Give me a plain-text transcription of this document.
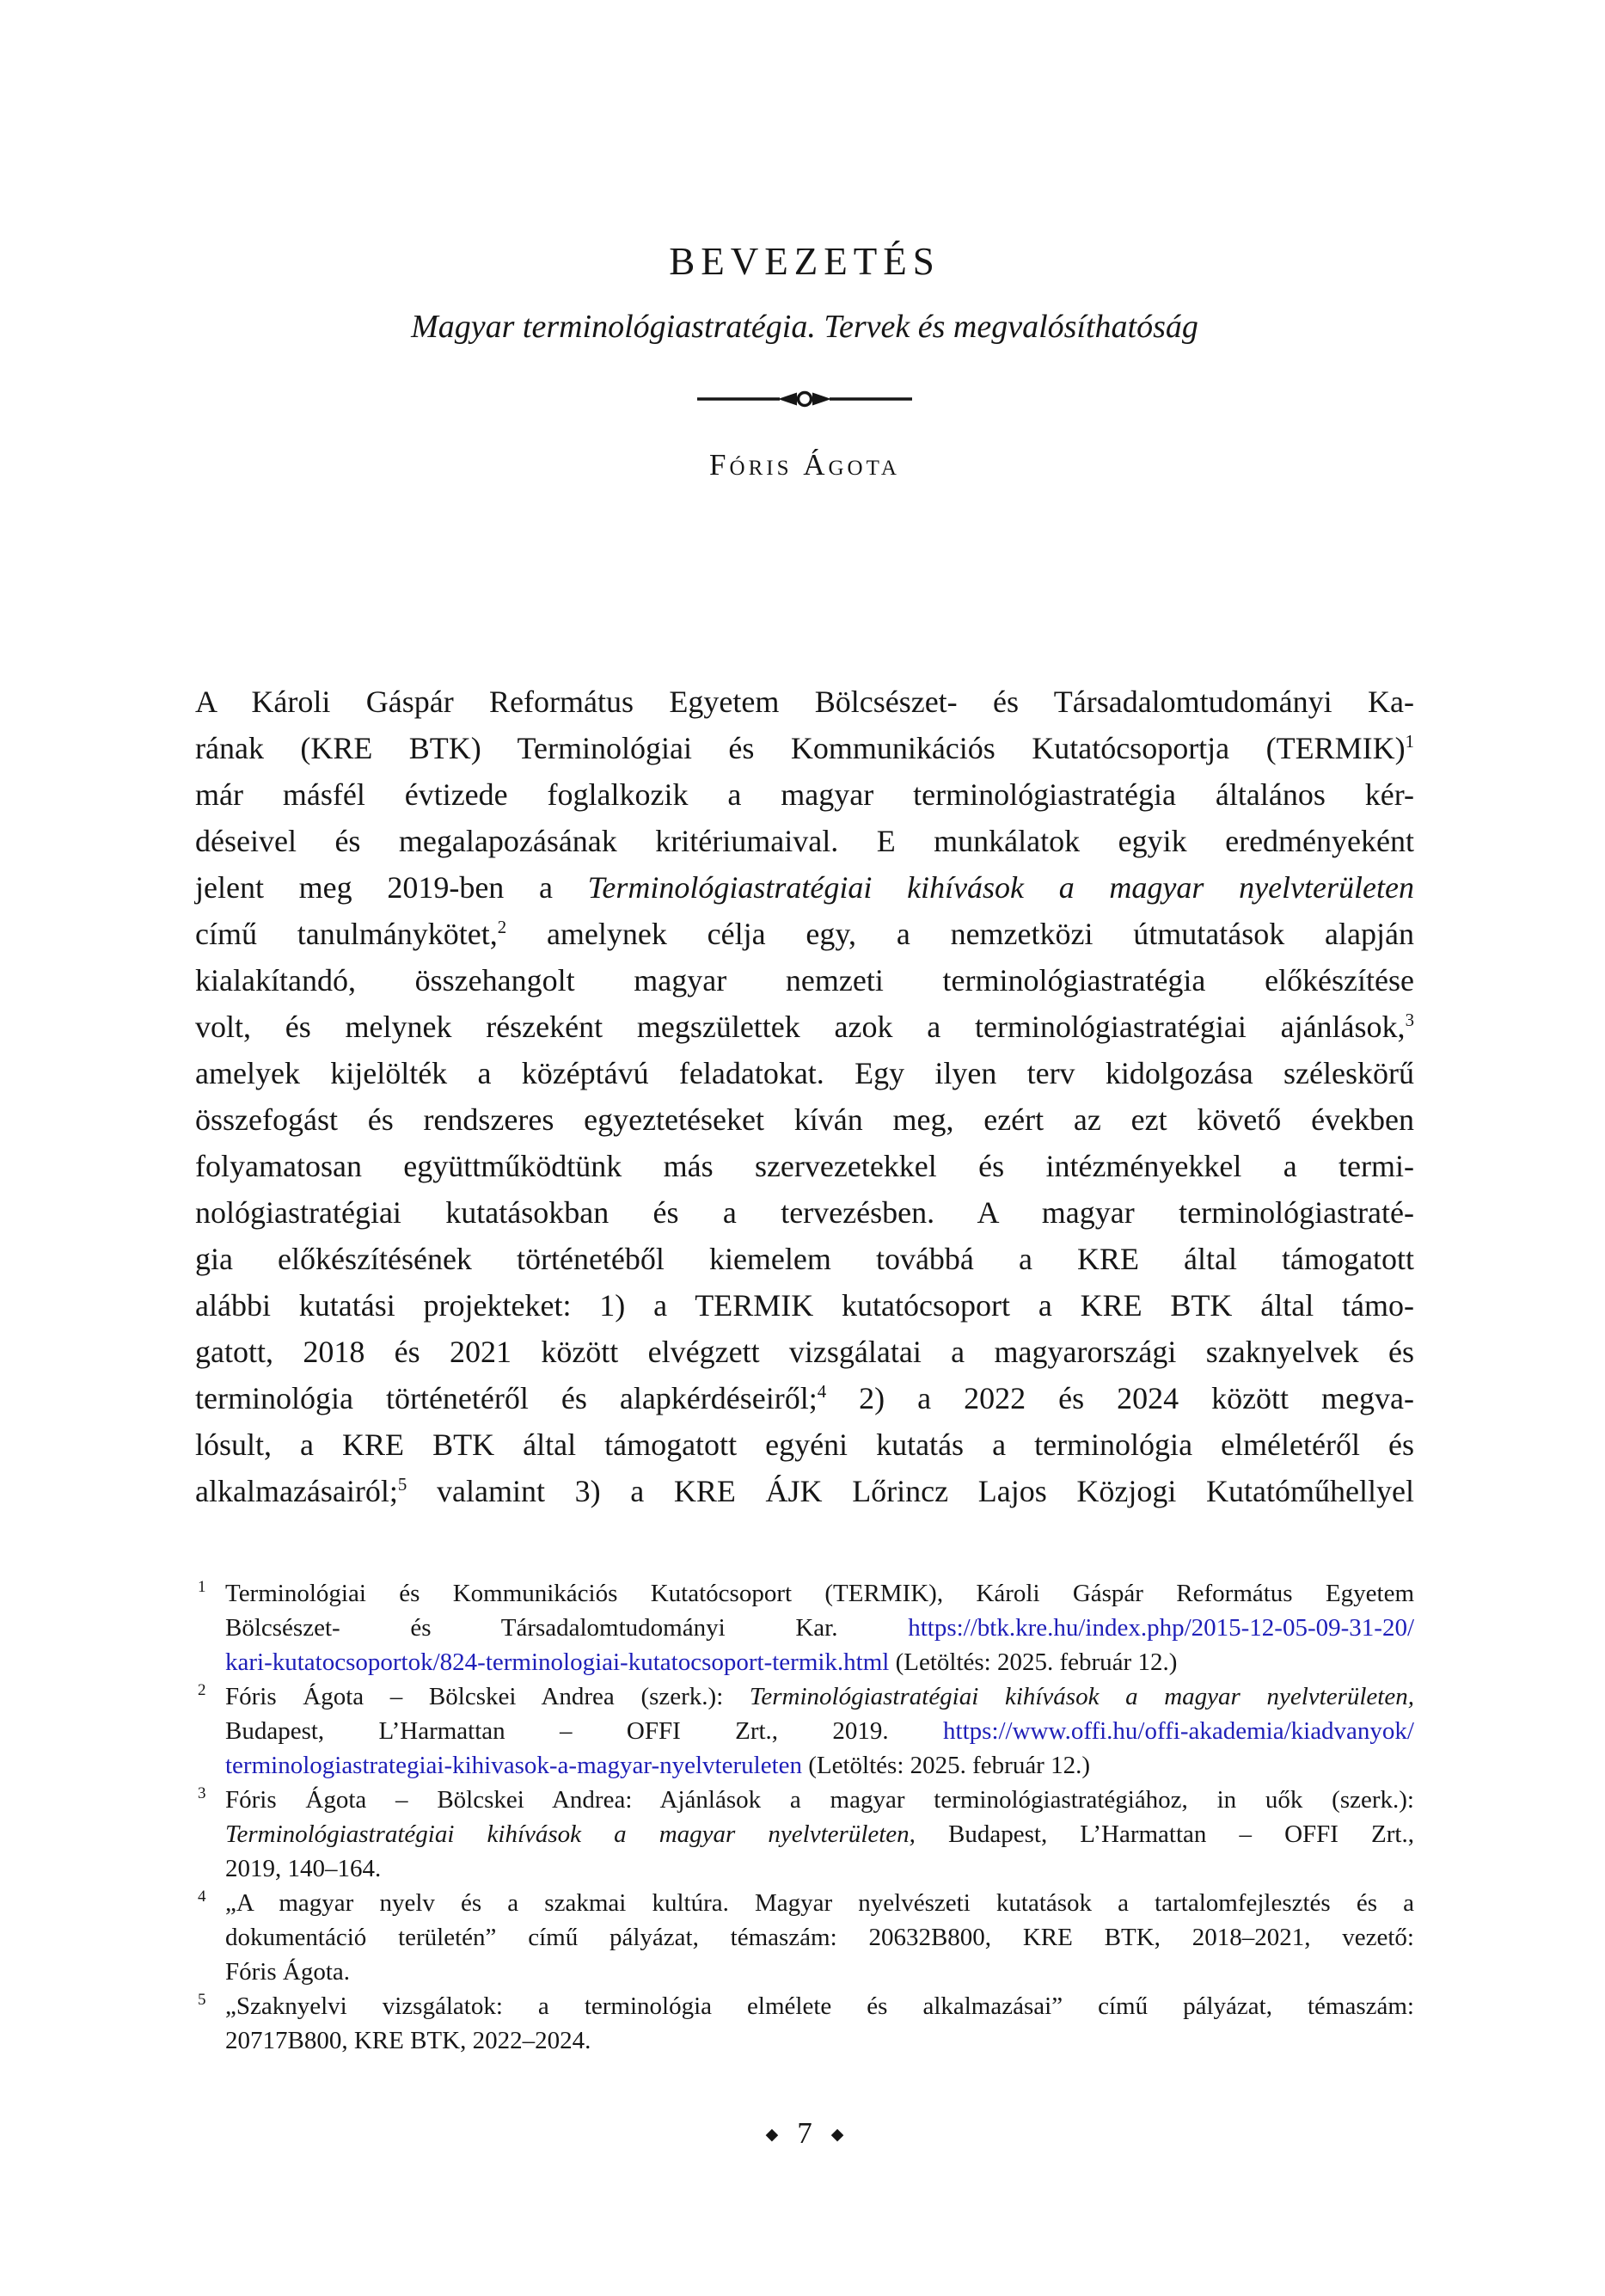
BEVEZETÉS
Magyar terminológiastratégia. Tervek és megvalósíthatóság
Fóris Ágota
A Károli Gáspár Református Egyetem Bölcsészet- és Társadalomtudományi Ka-
rának (KRE BTK) Terminológiai és Kommunikációs Kutatócsoportja (TERMIK)$^1$
már másfél évtizede foglalkozik a magyar terminológiastratégia általános kér-
déseivel és megalapozásának kritériumaival. E munkálatok egyik eredményeként
jelent meg 2019-ben a Terminológiastratégiai kihívások a magyar nyelvterületen
című tanulmánykötet,$^2$ amelynek célja egy, a nemzetközi útmutatások alapján
kialakítandó, összehangolt magyar nemzeti terminológiastratégia előkészítése
volt, és melynek részeként megszülettek azok a terminológiastratégiai ajánlások,$^3$
amelyek kijelölték a középtávú feladatokat. Egy ilyen terv kidolgozása széleskörű
összefogást és rendszeres egyeztetéseket kíván meg, ezért az ezt követő években
folyamatosan együttműködtünk más szervezetekkel és intézményekkel a termi-
nológiastratégiai kutatásokban és a tervezésben. A magyar terminológiastraté-
gia előkészítésének történetéből kiemelem továbbá a KRE által támogatott
alábbi kutatási projekteket: 1) a TERMIK kutatócsoport a KRE BTK által támo-
gatott, 2018 és 2021 között elvégzett vizsgálatai a magyarországi szaknyelvek és
terminológia történetéről és alapkérdéseiről;$^4$ 2) a 2022 és 2024 között megva-
lósult, a KRE BTK által támogatott egyéni kutatás a terminológia elméletéről és
alkalmazásairól;$^5$ valamint 3) a KRE ÁJK Lőrincz Lajos Közjogi Kutatóműhellyel
1 Terminológiai és Kommunikációs Kutatócsoport (TERMIK), Károli Gáspár Református Egyetem
Bölcsészet- és Társadalomtudományi Kar. https://btk.kre.hu/index.php/2015-12-05-09-31-20/
kari-kutatocsoportok/824-terminologiai-kutatocsoport-termik.html (Letöltés: 2025. február 12.)
2 Fóris Ágota – Bölcskei Andrea (szerk.): Terminológiastratégiai kihívások a magyar nyelvterületen,
Budapest, L’Harmattan – OFFI Zrt., 2019. https://www.offi.hu/offi-akademia/kiadvanyok/
terminologiastrategiai-kihivasok-a-magyar-nyelvteruleten (Letöltés: 2025. február 12.)
3 Fóris Ágota – Bölcskei Andrea: Ajánlások a magyar terminológiastratégiához, in uők (szerk.):
Terminológiastratégiai kihívások a magyar nyelvterületen, Budapest, L’Harmattan – OFFI Zrt.,
2019, 140–164.
4 „A magyar nyelv és a szakmai kultúra. Magyar nyelvészeti kutatások a tartalomfejlesztés és a
dokumentáció területén” című pályázat, témaszám: 20632B800, KRE BTK, 2018–2021, vezető:
Fóris Ágota.
5 „Szaknyelvi vizsgálatok: a terminológia elmélete és alkalmazásai” című pályázat, témaszám:
20717B800, KRE BTK, 2022–2024.
◆ 7 ◆
